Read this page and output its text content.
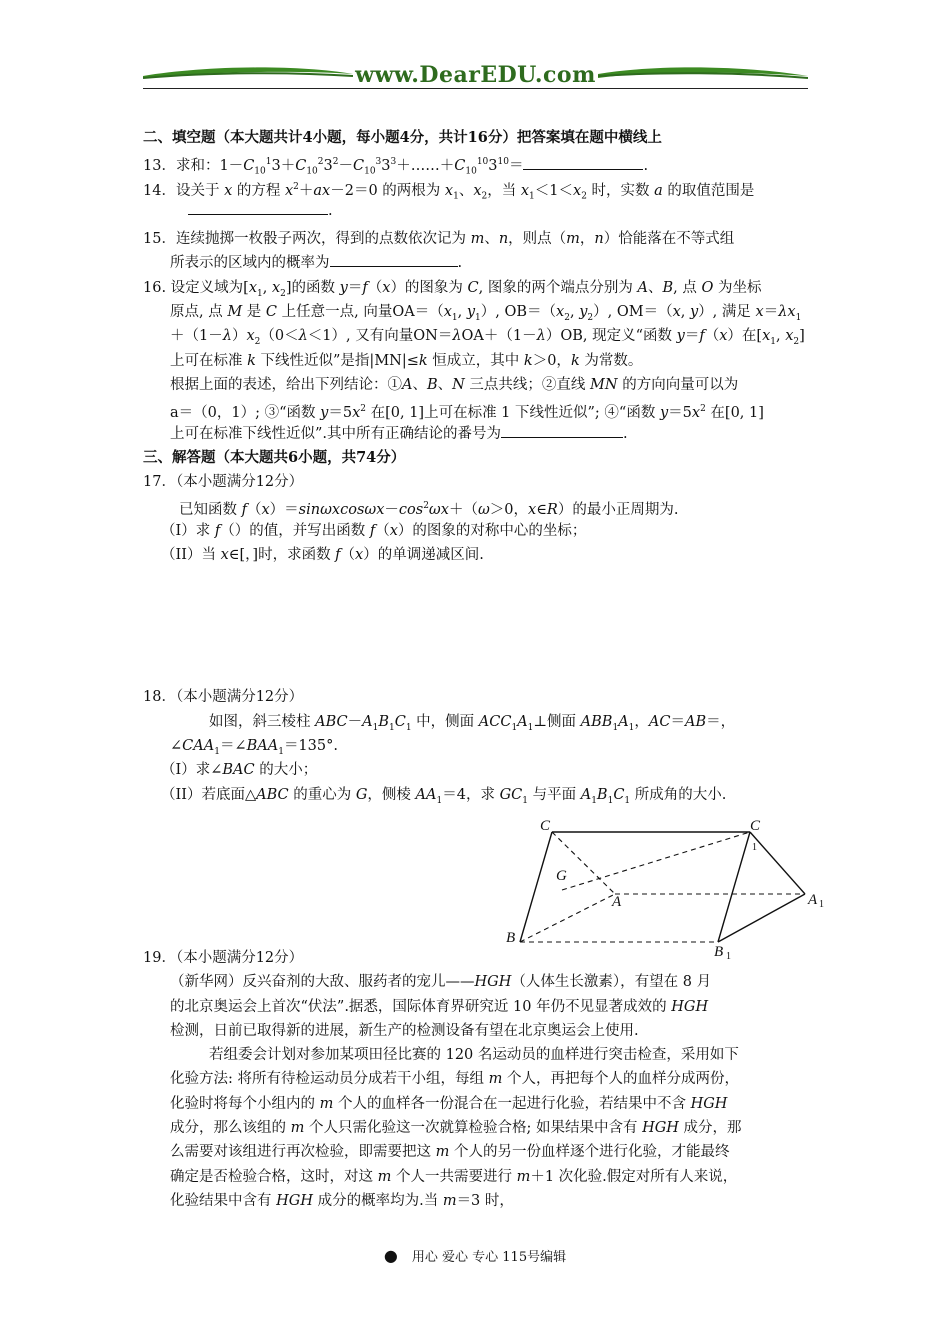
www.DearEDU.com
二、填空题（本大题共计4小题，每小题4分，共计16分）把答案填在题中横线上
13．求和：$1-C_{10}^13+C_{10}^23^2-C_{10}^33^3+\dots\dots+C_{10}^{10}3^{10}=$	.
14．设关于 x 的方程 $x^2+ax-2=0$ 的两根为 $x_1$、$x_2$，当 $x_1<1<x_2$ 时，实数 a 的取值范围是
.
15．连续抛掷一枚骰子两次，得到的点数依次记为 m、n，则点（m，n）恰能落在不等式组
所表示的区域内的概率为	.
16. 设定义域为[$x_1$, $x_2$]的函数 y＝f（x）的图象为 C, 图象的两个端点分别为 A、B, 点 O 为坐标
原点, 点 M 是 C 上任意一点, 向量$OA=(x_1$, $y_1$）, $OB=(x_2$, $y_2$）, OM＝（x, y）, 满足 $x=\lambda x_1$
$+(1-\lambda)x_2(0<\lambda<1)$, 又有向量ON＝λOA＋（1－λ）OB, 现定义“函数 y＝f（x）在[$x_1$, $x_2$]
上可在标准 k 下线性近似”是指|MN|≤k 恒成立，其中 k＞0，k 为常数。
根据上面的表述，给出下列结论：①A、B、N 三点共线；②直线 MN 的方向向量可以为
a＝（0，1）; ③“函数 $y=5x^2$ 在[0, 1]上可在标准 1 下线性近似”; ④“函数 $y=5x^2$ 在[0, 1]
上可在标准下线性近似”.其中所有正确结论的番号为	.
三、解答题（本大题共6小题，共74分）
17．（本小题满分12分）
已知函数 $f(x)=\sin\omega xcos\omega x-\cos^2\omega x+(\omega>0$，x∈R）的最小正周期为.
（I）求 f（）的值，并写出函数 f（x）的图象的对称中心的坐标；
（II）当 x∈[，]时，求函数 f（x）的单调递减区间.
18．（本小题满分12分）
如图，斜三棱柱 $ABC-A_1B_1C_1$ 中，侧面 $ACC_1A_1\perp$侧面 $ABB_1A_1$，AC＝AB＝，
$\angle CAA_1=\angle BAA_1=135^\circ$.
（I）求∠BAC 的大小；
（II）若底面△ABC 的重心为 G，侧棱 $AA_1=4$，求 $GC_1$ 与平面 $A_1B_1C_1$ 所成角的大小.
C	C
1
G
A	A 1
B
B 1
19．（本小题满分12分）
（新华网）反兴奋剂的大敌、服药者的宠儿——HGH（人体生长激素），有望在 8 月
的北京奥运会上首次“伏法”.据悉，国际体育界研究近 10 年仍不见显著成效的 HGH
检测，日前已取得新的进展，新生产的检测设备有望在北京奥运会上使用.
若组委会计划对参加某项田径比赛的 120 名运动员的血样进行突击检查，采用如下
化验方法: 将所有待检运动员分成若干小组，每组 m 个人，再把每个人的血样分成两份，
化验时将每个小组内的 m 个人的血样各一份混合在一起进行化验，若结果中不含 HGH
成分，那么该组的 m 个人只需化验这一次就算检验合格; 如果结果中含有 HGH 成分，那
么需要对该组进行再次检验，即需要把这 m 个人的另一份血样逐个进行化验，才能最终
确定是否检验合格，这时，对这 m 个人一共需要进行 m＋1 次化验.假定对所有人来说，
化验结果中含有 HGH 成分的概率均为.当 m＝3 时，
● 用心 爱心 专心 115号编辑
